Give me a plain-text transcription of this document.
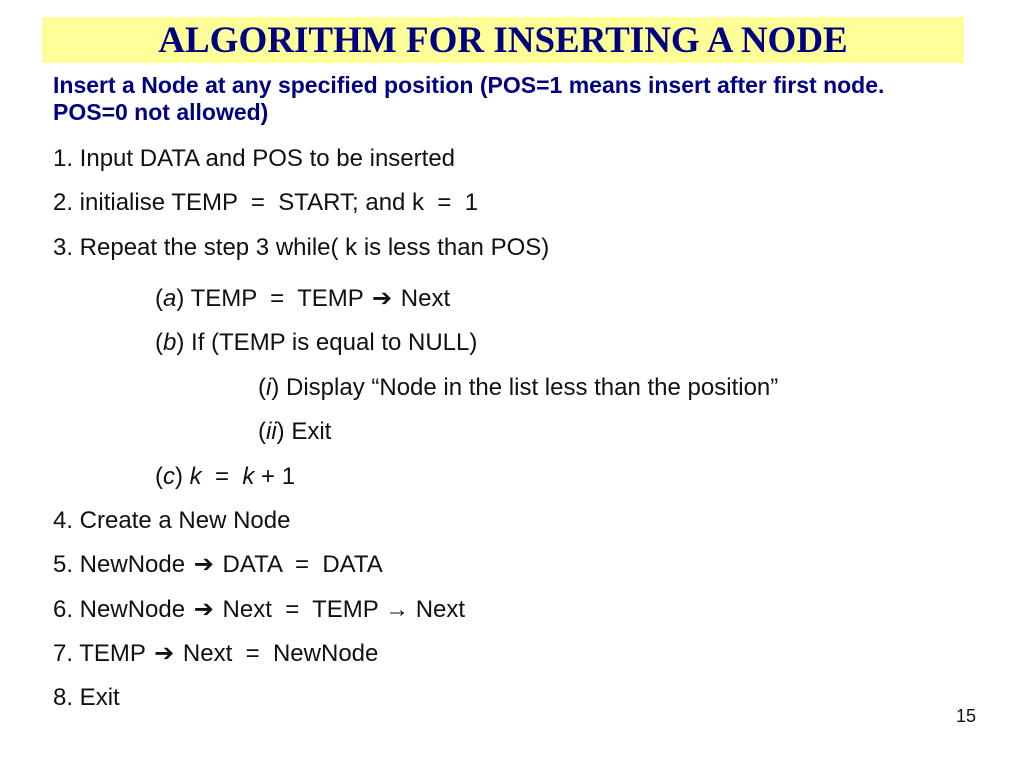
ALGORITHM FOR INSERTING A NODE
Insert a Node at any specified position (POS=1 means insert after first node. POS=0 not allowed)
1. Input DATA and POS to be inserted
2. initialise TEMP  =  START; and k  =  1
3. Repeat the step 3 while( k is less than POS)
(a) TEMP  =  TEMP ➔ Next
(b) If (TEMP is equal to NULL)
(i) Display “Node in the list less than the position”
(ii) Exit
(c) k  =  k + 1
4. Create a New Node
5. NewNode ➔ DATA  =  DATA
6. NewNode ➔ Next  =  TEMP → Next
7. TEMP ➔ Next  =  NewNode
8. Exit
15
